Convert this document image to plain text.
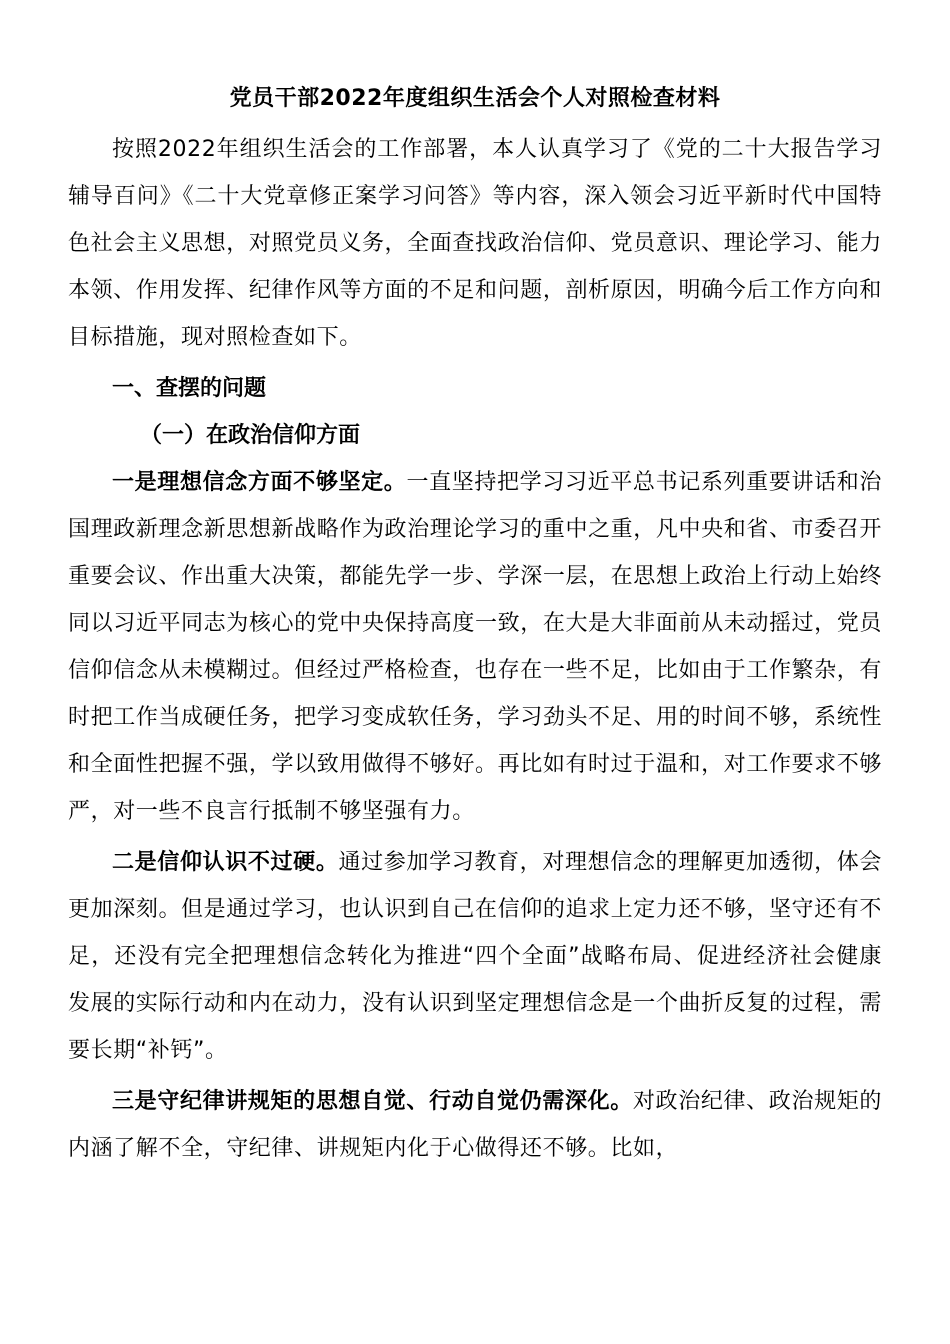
党员干部2022年度组织生活会个人对照检查材料

按照2022年组织生活会的工作部署，本人认真学习了《党的二十大报告学习辅导百问》《二十大党章修正案学习问答》等内容，深入领会习近平新时代中国特色社会主义思想，对照党员义务，全面查找政治信仰、党员意识、理论学习、能力本领、作用发挥、纪律作风等方面的不足和问题，剖析原因，明确今后工作方向和目标措施，现对照检查如下。

一、查摆的问题

（一）在政治信仰方面

一是理想信念方面不够坚定。一直坚持把学习习近平总书记系列重要讲话和治国理政新理念新思想新战略作为政治理论学习的重中之重，凡中央和省、市委召开重要会议、作出重大决策，都能先学一步、学深一层，在思想上政治上行动上始终同以习近平同志为核心的党中央保持高度一致，在大是大非面前从未动摇过，党员信仰信念从未模糊过。但经过严格检查，也存在一些不足，比如由于工作繁杂，有时把工作当成硬任务，把学习变成软任务，学习劲头不足、用的时间不够，系统性和全面性把握不强，学以致用做得不够好。再比如有时过于温和，对工作要求不够严，对一些不良言行抵制不够坚强有力。

二是信仰认识不过硬。通过参加学习教育，对理想信念的理解更加透彻，体会更加深刻。但是通过学习，也认识到自己在信仰的追求上定力还不够，坚守还有不足，还没有完全把理想信念转化为推进“四个全面”战略布局、促进经济社会健康发展的实际行动和内在动力，没有认识到坚定理想信念是一个曲折反复的过程，需要长期“补钙”。

三是守纪律讲规矩的思想自觉、行动自觉仍需深化。对政治纪律、政治规矩的内涵了解不全，守纪律、讲规矩内化于心做得还不够。比如，
